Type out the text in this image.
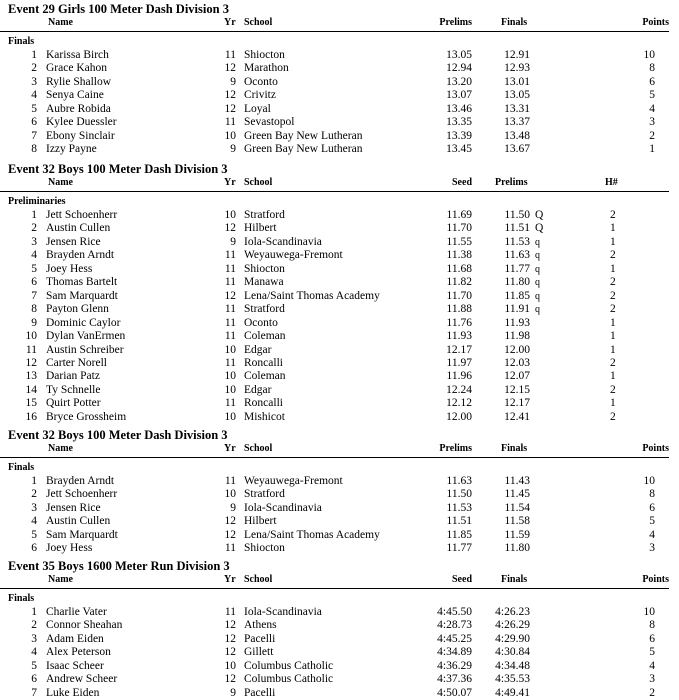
Event 29 Girls 100 Meter Dash Division 3
Name	Yr School	Prelims	Finals	Points
Finals
1 Karissa Birch	11 Shiocton	13.05	12.91	10
2 Grace Kahon	12 Marathon	12.94	12.93	8
3 Rylie Shallow	9 Oconto	13.20	13.01	6
4 Senya Caine	12 Crivitz	13.07	13.05	5
5 Aubre Robida	12 Loyal	13.46	13.31	4
6 Kylee Duessler	11 Sevastopol	13.35	13.37	3
7 Ebony Sinclair	10 Green Bay New Lutheran	13.39	13.48	2
8 Izzy Payne	9 Green Bay New Lutheran	13.45	13.67	1
Event 32 Boys 100 Meter Dash Division 3
Name	Yr School	Seed Prelims	H#
Preliminaries
1 Jett Schoenherr	10 Stratford	11.69	11.50 Q	2
2 Austin Cullen	12 Hilbert	11.70	11.51 Q	1
3 Jensen Rice	9 Iola-Scandinavia	11.55	11.53 q	1
4 Brayden Arndt	11 Weyauwega-Fremont	11.38	11.63 q	2
5 Joey Hess	11 Shiocton	11.68	11.77 q	1
6 Thomas Bartelt	11 Manawa	11.82	11.80 q	2
7 Sam Marquardt	12 Lena/Saint Thomas Academy	11.70	11.85 q	2
8 Payton Glenn	11 Stratford	11.88	11.91 q	2
9 Dominic Caylor	11 Oconto	11.76	11.93	1
10 Dylan VanErmen	11 Coleman	11.93	11.98	1
11 Austin Schreiber	10 Edgar	12.17	12.00	1
12 Carter Norell	11 Roncalli	11.97	12.03	2
13 Darian Patz	10 Coleman	11.96	12.07	1
14 Ty Schnelle	10 Edgar	12.24	12.15	2
15 Quirt Potter	11 Roncalli	12.12	12.17	1
16 Bryce Grossheim	10 Mishicot	12.00	12.41	2
Event 32 Boys 100 Meter Dash Division 3
Name	Yr School	Prelims	Finals	Points
Finals
1 Brayden Arndt	11 Weyauwega-Fremont	11.63	11.43	10
2 Jett Schoenherr	10 Stratford	11.50	11.45	8
3 Jensen Rice	9 Iola-Scandinavia	11.53	11.54	6
4 Austin Cullen	12 Hilbert	11.51	11.58	5
5 Sam Marquardt	12 Lena/Saint Thomas Academy	11.85	11.59	4
6 Joey Hess	11 Shiocton	11.77	11.80	3
Event 35 Boys 1600 Meter Run Division 3
Name	Yr School	Seed	Finals	Points
Finals
1 Charlie Vater	11 Iola-Scandinavia	4:45.50 4:26.23	10
2 Connor Sheahan	12 Athens	4:28.73 4:26.29	8
3 Adam Eiden	12 Pacelli	4:45.25 4:29.90	6
4 Alex Peterson	12 Gillett	4:34.89 4:30.84	5
5 Isaac Scheer	10 Columbus Catholic	4:36.29 4:34.48	4
6 Andrew Scheer	12 Columbus Catholic	4:37.36 4:35.53	3
7 Luke Eiden	9 Pacelli	4:50.07 4:49.41	2
